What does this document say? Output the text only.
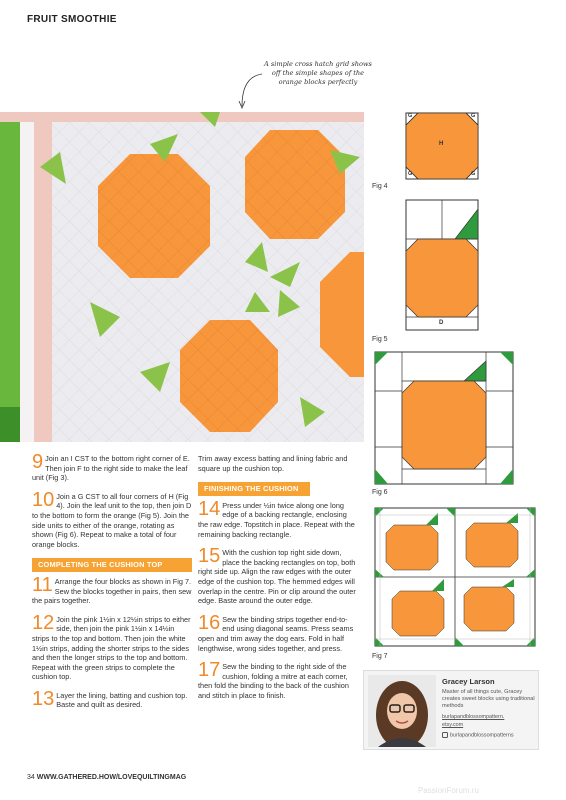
FRUIT SMOOTHIE
A simple cross hatch grid shows off the simple shapes of the orange blocks perfectly
G	G
G	G
H
Fig 4
D
Fig 5
Fig 6
Fig 7
9 Join an I CST to the bottom right corner of E. Then join F to the right side to make the leaf unit (Fig 3).
10 Join a G CST to all four corners of H (Fig 4). Join the leaf unit to the top, then join D to the bottom to form the orange (Fig 5). Join the side units to either of the orange, rotating as shown (Fig 6). Repeat to make a total of four orange blocks.
COMPLETING THE CUSHION TOP
11 Arrange the four blocks as shown in Fig 7. Sew the blocks together in pairs, then sew the pairs together.
12 Join the pink 1½in x 12½in strips to either side, then join the pink 1½in x 14½in strips to the top and bottom. Then join the white 1½in strips, adding the shorter strips to the sides and then the longer strips to the top and bottom. Repeat with the green strips to complete the cushion top.
13 Layer the lining, batting and cushion top. Baste and quilt as desired.
Trim away excess batting and lining fabric and square up the cushion top.
FINISHING THE CUSHION
14 Press under ½in twice along one long edge of a backing rectangle, enclosing the raw edge. Topstitch in place. Repeat with the remaining backing rectangle.
15 With the cushion top right side down, place the backing rectangles on top, both right side up. Align the raw edges with the outer edge of the cushion top. The hemmed edges will overlap in the centre. Pin or clip around the outer edge. Baste around the outer edge.
16 Sew the binding strips together end-to-end using diagonal seams. Press seams open and trim away the dog ears. Fold in half lengthwise, wrong sides together, and press.
17 Sew the binding to the right side of the cushion, folding a mitre at each corner, then fold the binding to the back of the cushion and stitch in place to finish.
Gracey Larson
Master of all things cute, Gracey creates sweet blocks using traditional methods
burlapandblossompattern.
etsy.com
burlapandblossompatterns
34 WWW.GATHERED.HOW/LOVEQUILTINGMAG
PassionForum.ru
